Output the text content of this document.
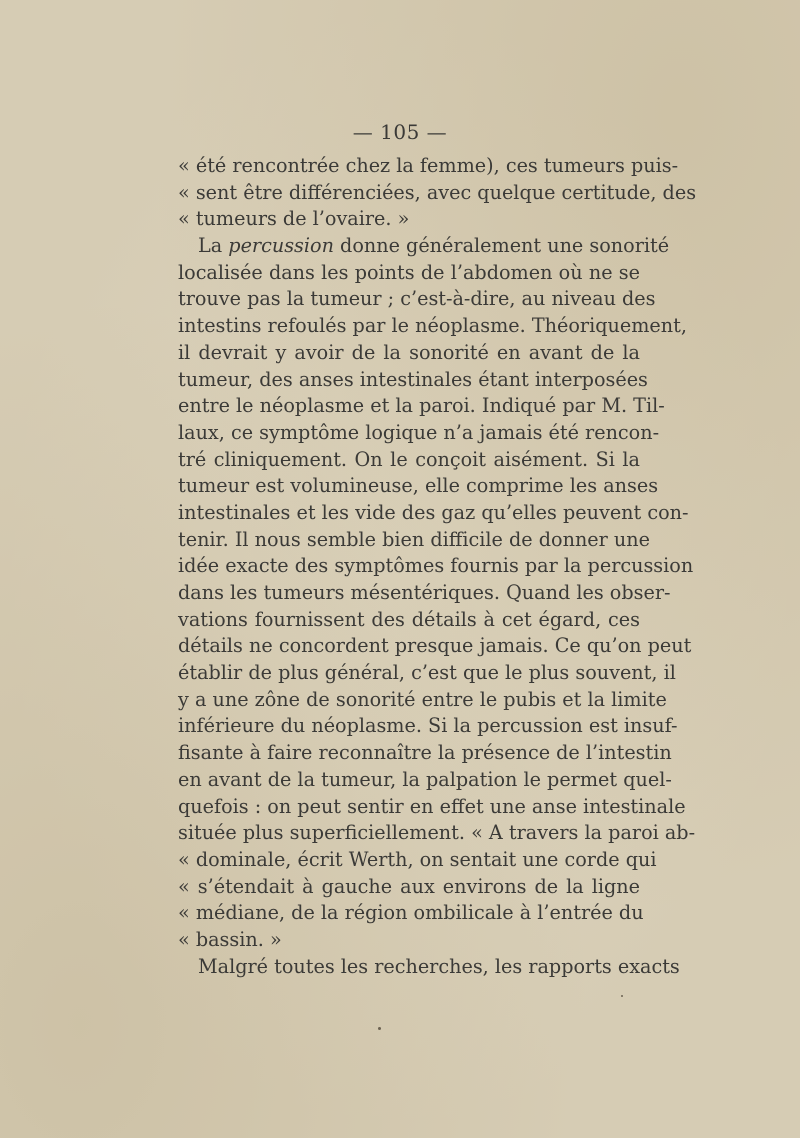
— 105 —
« été rencontrée chez la femme), ces tumeurs puis-
« sent être différenciées, avec quelque certitude, des
« tumeurs de l’ovaire. »
La percussion donne généralement une sonorité
localisée dans les points de l’abdomen où ne se
trouve pas la tumeur ; c’est-à-dire, au niveau des
intestins refoulés par le néoplasme. Théoriquement,
il devrait y avoir de la sonorité en avant de la
tumeur, des anses intestinales étant interposées
entre le néoplasme et la paroi. Indiqué par M. Til-
laux, ce symptôme logique n’a jamais été rencon-
tré cliniquement. On le conçoit aisément. Si la
tumeur est volumineuse, elle comprime les anses
intestinales et les vide des gaz qu’elles peuvent con-
tenir. Il nous semble bien difficile de donner une
idée exacte des symptômes fournis par la percussion
dans les tumeurs mésentériques. Quand les obser-
vations fournissent des détails à cet égard, ces
détails ne concordent presque jamais. Ce qu’on peut
établir de plus général, c’est que le plus souvent, il
y a une zône de sonorité entre le pubis et la limite
inférieure du néoplasme. Si la percussion est insuf-
fisante à faire reconnaître la présence de l’intestin
en avant de la tumeur, la palpation le permet quel-
quefois : on peut sentir en effet une anse intestinale
située plus superficiellement. « A travers la paroi ab-
« dominale, écrit Werth, on sentait une corde qui
« s’étendait à gauche aux environs de la ligne
« médiane, de la région ombilicale à l’entrée du
« bassin. »
Malgré toutes les recherches, les rapports exacts
